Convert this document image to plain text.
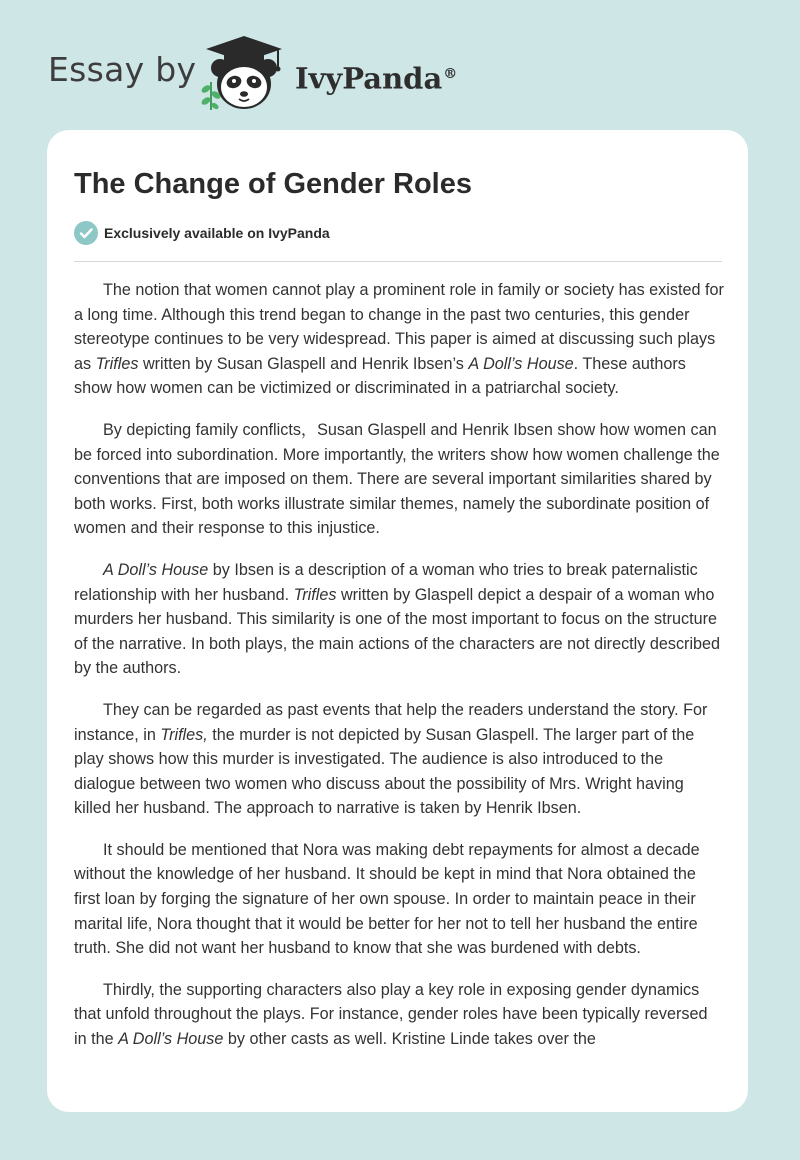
Essay by	IvyPanda®
The Change of Gender Roles
Exclusively available on IvyPanda

The notion that women cannot play a prominent role in family or society has existed for a long time. Although this trend began to change in the past two centuries, this gender stereotype continues to be very widespread. This paper is aimed at discussing such plays as Trifles written by Susan Glaspell and Henrik Ibsen’s A Doll’s House. These authors show how women can be victimized or discriminated in a patriarchal society.

By depicting family conflicts，Susan Glaspell and Henrik Ibsen show how women can be forced into subordination. More importantly, the writers show how women challenge the conventions that are imposed on them. There are several important similarities shared by both works. First, both works illustrate similar themes, namely the subordinate position of women and their response to this injustice.

A Doll’s House by Ibsen is a description of a woman who tries to break paternalistic relationship with her husband. Trifles written by Glaspell depict a despair of a woman who murders her husband. This similarity is one of the most important to focus on the structure of the narrative. In both plays, the main actions of the characters are not directly described by the authors.

They can be regarded as past events that help the readers understand the story. For instance, in Trifles, the murder is not depicted by Susan Glaspell. The larger part of the play shows how this murder is investigated. The audience is also introduced to the dialogue between two women who discuss about the possibility of Mrs. Wright having killed her husband. The approach to narrative is taken by Henrik Ibsen.

It should be mentioned that Nora was making debt repayments for almost a decade without the knowledge of her husband. It should be kept in mind that Nora obtained the first loan by forging the signature of her own spouse. In order to maintain peace in their marital life, Nora thought that it would be better for her not to tell her husband the entire truth. She did not want her husband to know that she was burdened with debts.

Thirdly, the supporting characters also play a key role in exposing gender dynamics that unfold throughout the plays. For instance, gender roles have been typically reversed in the A Doll’s House by other casts as well. Kristine Linde takes over the
